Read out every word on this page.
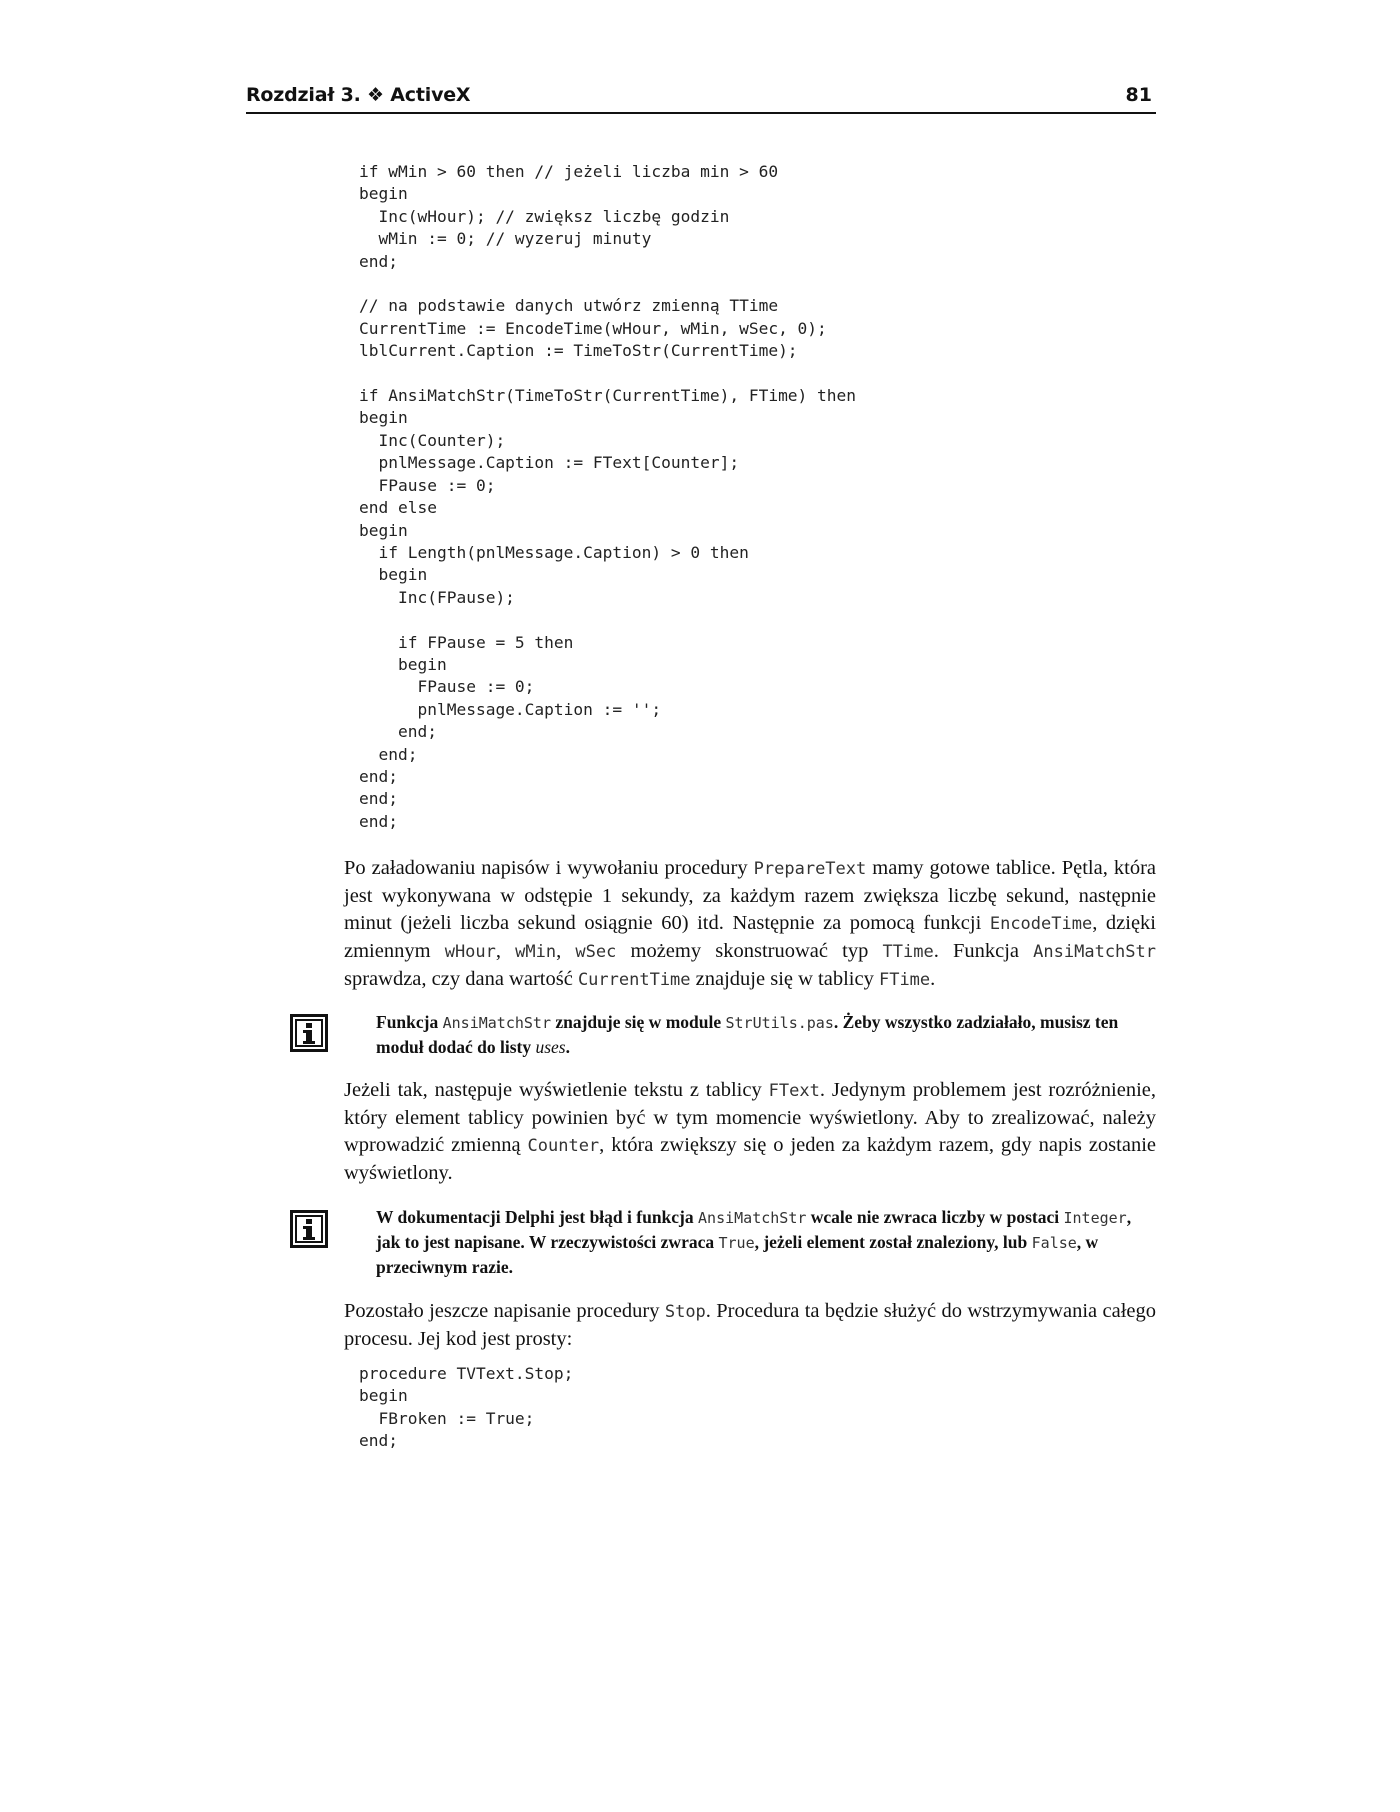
Rozdział 3. ❖ ActiveX	81
if wMin > 60 then // jeżeli liczba min > 60
begin
Inc(wHour); // zwiększ liczbę godzin
wMin := 0; // wyzeruj minuty
end;

// na podstawie danych utwórz zmienną TTime
CurrentTime := EncodeTime(wHour, wMin, wSec, 0);
lblCurrent.Caption := TimeToStr(CurrentTime);

if AnsiMatchStr(TimeToStr(CurrentTime), FTime) then
begin
Inc(Counter);
pnlMessage.Caption := FText[Counter];
FPause := 0;
end else
begin
if Length(pnlMessage.Caption) > 0 then
begin
Inc(FPause);

if FPause = 5 then
begin
FPause := 0;
pnlMessage.Caption := '';
end;
end;
end;
end;
end;

Po załadowaniu napisów i wywołaniu procedury PrepareText mamy gotowe tablice. Pętla, która jest wykonywana w odstępie 1 sekundy, za każdym razem zwiększa liczbę sekund, następnie minut (jeżeli liczba sekund osiągnie 60) itd. Następnie za pomocą funkcji EncodeTime, dzięki zmiennym wHour, wMin, wSec możemy skonstruować typ TTime. Funkcja AnsiMatchStr sprawdza, czy dana wartość CurrentTime znajduje się w tablicy FTime.

Funkcja AnsiMatchStr znajduje się w module StrUtils.pas. Żeby wszystko zadziałało, musisz ten moduł dodać do listy uses.

Jeżeli tak, następuje wyświetlenie tekstu z tablicy FText. Jedynym problemem jest rozróżnienie, który element tablicy powinien być w tym momencie wyświetlony. Aby to zrealizować, należy wprowadzić zmienną Counter, która zwiększy się o jeden za każdym razem, gdy napis zostanie wyświetlony.

W dokumentacji Delphi jest błąd i funkcja AnsiMatchStr wcale nie zwraca liczby w postaci Integer, jak to jest napisane. W rzeczywistości zwraca True, jeżeli element został znaleziony, lub False, w przeciwnym razie.

Pozostało jeszcze napisanie procedury Stop. Procedura ta będzie służyć do wstrzymywania całego procesu. Jej kod jest prosty:

procedure TVText.Stop;
begin
FBroken := True;
end;
